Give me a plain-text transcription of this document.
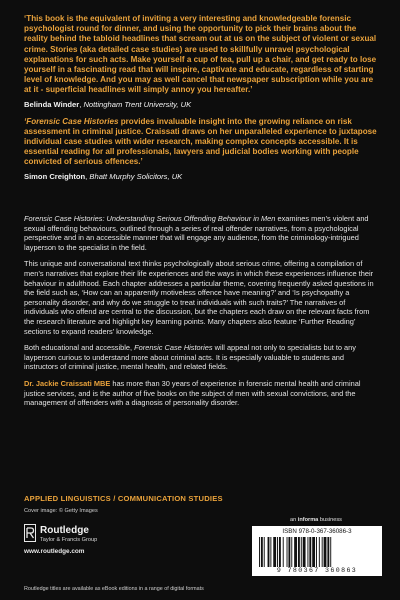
‘This book is the equivalent of inviting a very interesting and knowledgeable forensic psychologist round for dinner, and using the opportunity to pick their brains about the reality behind the tabloid headlines that scream out at us on the subject of violent or sexual crime. Stories (aka detailed case studies) are used to skillfully unravel psychological explanations for such acts. Make yourself a cup of tea, pull up a chair, and get ready to lose yourself in a fascinating read that will inspire, captivate and educate, regardless of starting level of knowledge. And you may as well cancel that newspaper subscription while you are at it - superficial headlines will simply annoy you hereafter.’

Belinda Winder, Nottingham Trent University, UK

‘Forensic Case Histories provides invaluable insight into the growing reliance on risk assessment in criminal justice. Craissati draws on her unparalleled experience to juxtapose individual case studies with wider research, making complex concepts accessible. It is essential reading for all professionals, lawyers and judicial bodies working with people convicted of serious offences.’

Simon Creighton, Bhatt Murphy Solicitors, UK

Forensic Case Histories: Understanding Serious Offending Behaviour in Men examines men’s violent and sexual offending behaviours, outlined through a series of real offender narratives, from a psychological perspective and in an accessible manner that will engage any audience, from the criminology-intrigued layperson to the specialist in the field.

This unique and conversational text thinks psychologically about serious crime, offering a compilation of men’s narratives that explore their life experiences and the ways in which these experiences influence their behaviour in adulthood. Each chapter addresses a particular theme, covering frequently asked questions in the field such as, ‘How can an apparently motiveless offence have meaning?’ and ‘Is psychopathy a personality disorder, and why do we struggle to treat individuals with such traits?’ The narratives of individuals who offend are central to the discussion, but the chapters each draw on the relevant facts from the research literature and highlight key learning points. Many chapters also feature ‘Further Reading’ sections to expand readers’ knowledge.

Both educational and accessible, Forensic Case Histories will appeal not only to specialists but to any layperson curious to understand more about criminal acts. It is especially valuable to students and instructors of criminal justice, mental health, and related fields.

Dr. Jackie Craissati MBE has more than 30 years of experience in forensic mental health and criminal justice services, and is the author of five books on the subject of men with sexual convictions, and the management of offenders with a diagnosis of personality disorder.

APPLIED LINGUISTICS / COMMUNICATION STUDIES
Cover image: © Getty Images
Routledge
Taylor & Francis Group
www.routledge.com
an informa business
ISBN 978-0-367-36086-3
9 780367 360863
Routledge titles are available as eBook editions in a range of digital formats
